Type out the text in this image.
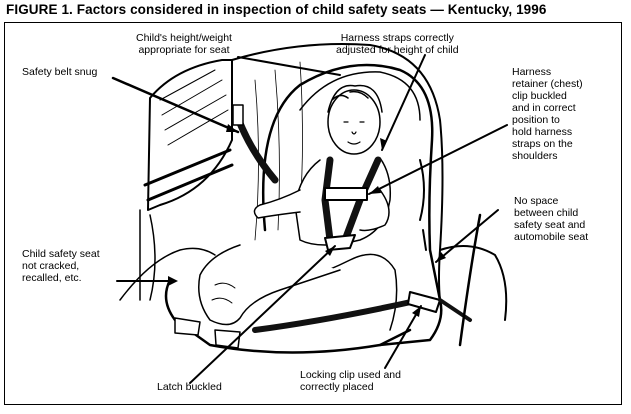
FIGURE 1. Factors considered in inspection of child safety seats — Kentucky, 1996
Child's height/weight
appropriate for seat
Harness straps correctly
adjusted for height of child
Safety belt snug	Harness
retainer (chest)
clip buckled
and in correct
position to
hold harness
straps on the
shoulders
No space
between child
safety seat and
automobile seat
Child safety seat
not cracked,
recalled, etc.
Latch buckled
Locking clip used and
correctly placed
